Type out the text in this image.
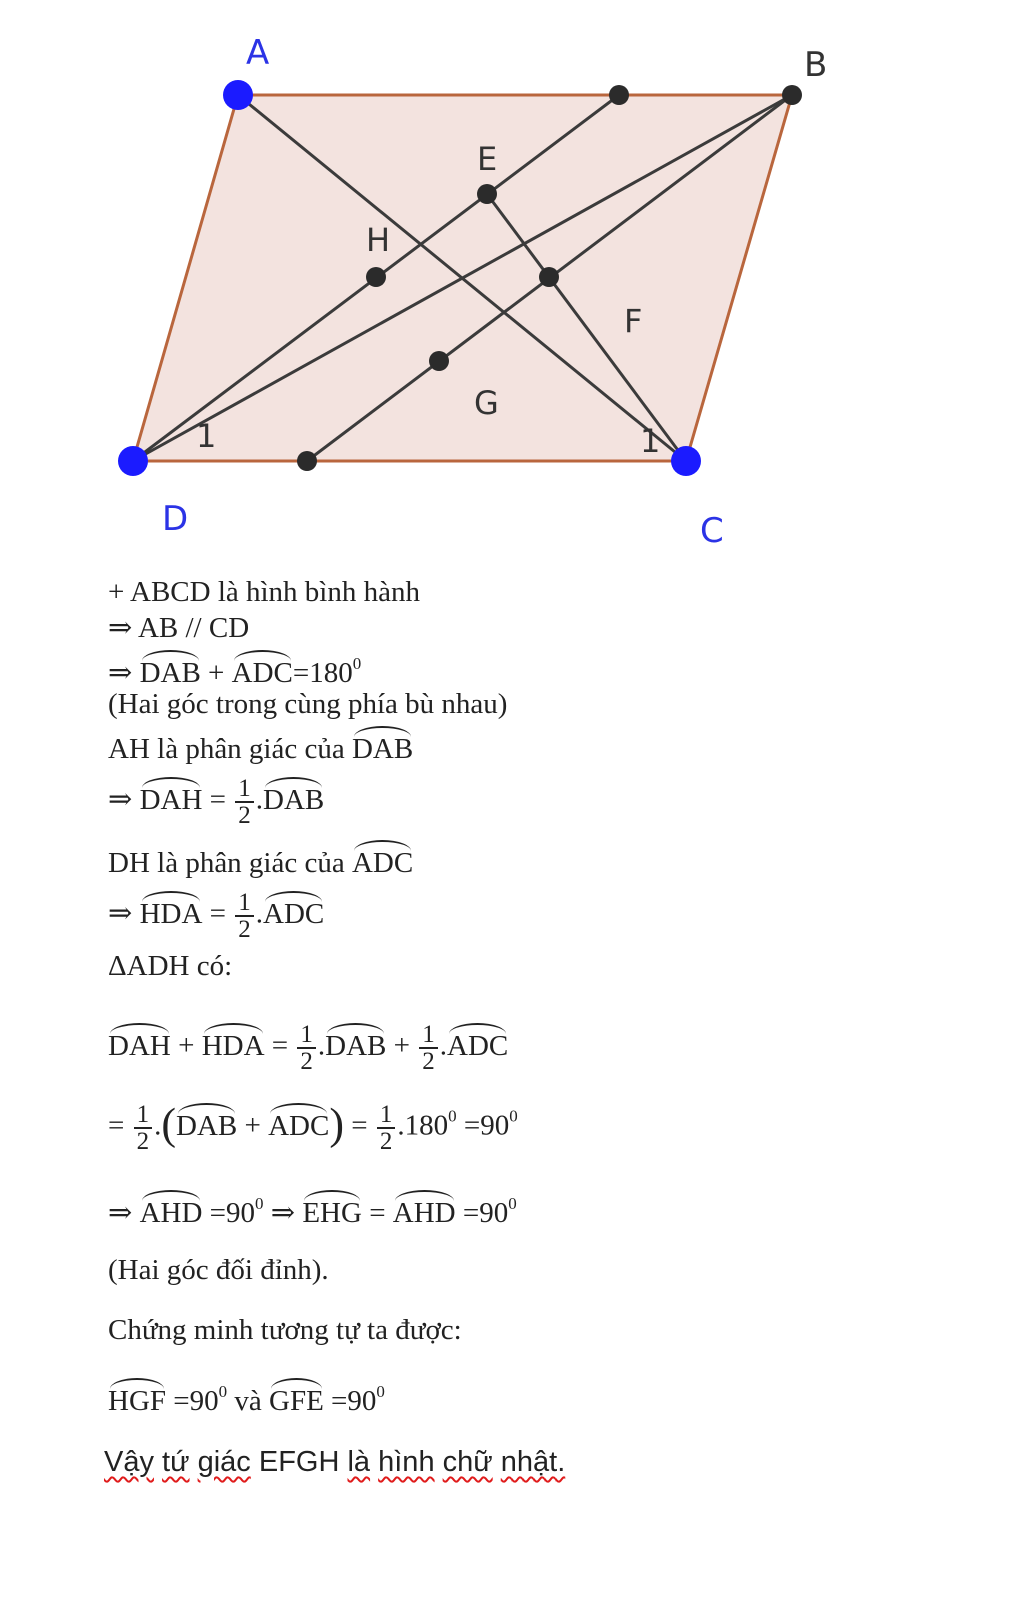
A	B
C
D
E
H
F
G
1	1
+ ABCD là hình bình hành
⇒ AB // CD
⇒ DAB + $ADC=180^0$
(Hai góc trong cùng phía bù nhau)
AH là phân giác của DAB
⇒ DAH = $\frac{1}{2} .DAB$
DH là phân giác của ADC
⇒ HDA = $\frac{1}{2} .ADC$
ΔADH có:
DAH + HDA = $\frac{1}{2} .DAB + \frac{1}{2} .ADC$
= $\frac{1}{2} .(DAB + ADC) = \frac{1}{2} .180^0 =90^0$
⇒ AHD $=90^0$ ⇒ EHG = AHD $=90^0$
(Hai góc đối đỉnh).
Chứng minh tương tự ta được:
HGF $=90^0$ và GFE $=90^0$
Vậy tứ giác EFGH là hình chữ nhật.
